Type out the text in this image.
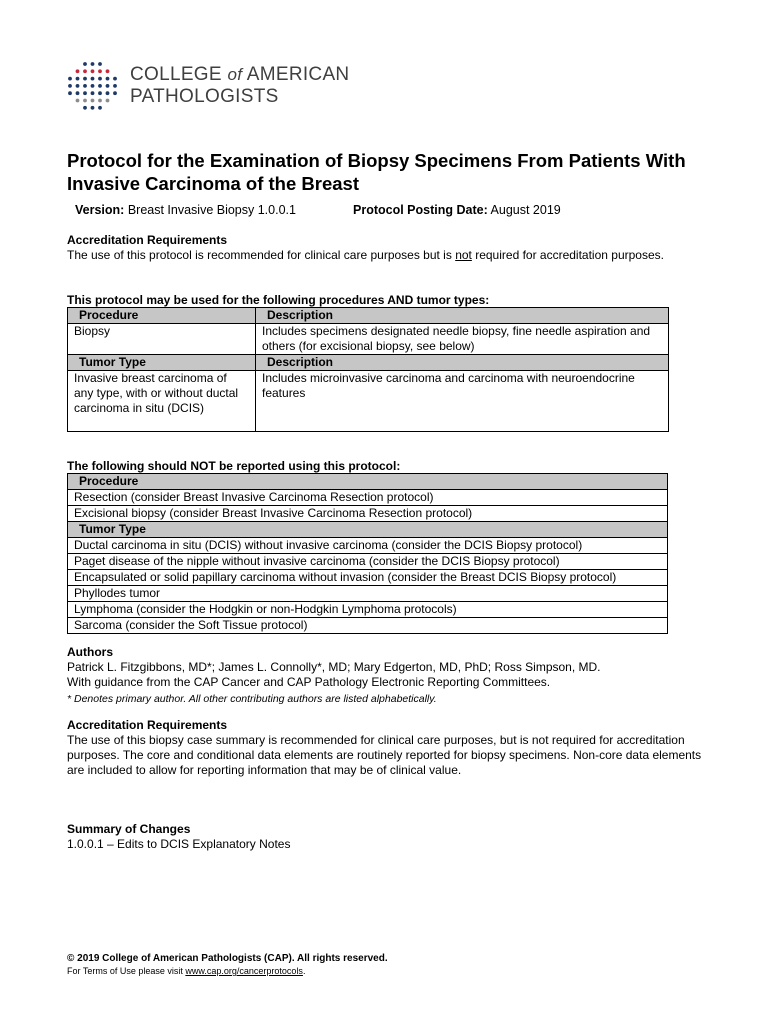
COLLEGE of AMERICAN
PATHOLOGISTS
Protocol for the Examination of Biopsy Specimens From Patients With Invasive Carcinoma of the Breast
Version: Breast Invasive Biopsy 1.0.0.1	Protocol Posting Date: August 2019
Accreditation Requirements
The use of this protocol is recommended for clinical care purposes but is not required for accreditation purposes.
This protocol may be used for the following procedures AND tumor types:
Procedure	Description
Biopsy	Includes specimens designated needle biopsy, fine needle aspiration and others (for excisional biopsy, see below)
Tumor Type	Description
Invasive breast carcinoma of any type, with or without ductal carcinoma in situ (DCIS)	Includes microinvasive carcinoma and carcinoma with neuroendocrine features
The following should NOT be reported using this protocol:
Procedure
Resection (consider Breast Invasive Carcinoma Resection protocol)
Excisional biopsy (consider Breast Invasive Carcinoma Resection protocol)
Tumor Type
Ductal carcinoma in situ (DCIS) without invasive carcinoma (consider the DCIS Biopsy protocol)
Paget disease of the nipple without invasive carcinoma (consider the DCIS Biopsy protocol)
Encapsulated or solid papillary carcinoma without invasion (consider the Breast DCIS Biopsy protocol)
Phyllodes tumor
Lymphoma (consider the Hodgkin or non-Hodgkin Lymphoma protocols)
Sarcoma (consider the Soft Tissue protocol)
Authors
Patrick L. Fitzgibbons, MD*; James L. Connolly*, MD; Mary Edgerton, MD, PhD; Ross Simpson, MD.
With guidance from the CAP Cancer and CAP Pathology Electronic Reporting Committees.
* Denotes primary author. All other contributing authors are listed alphabetically.
Accreditation Requirements
The use of this biopsy case summary is recommended for clinical care purposes, but is not required for accreditation purposes. The core and conditional data elements are routinely reported for biopsy specimens. Non-core data elements are included to allow for reporting information that may be of clinical value.
Summary of Changes
1.0.0.1 – Edits to DCIS Explanatory Notes
© 2019 College of American Pathologists (CAP). All rights reserved.
For Terms of Use please visit www.cap.org/cancerprotocols.
